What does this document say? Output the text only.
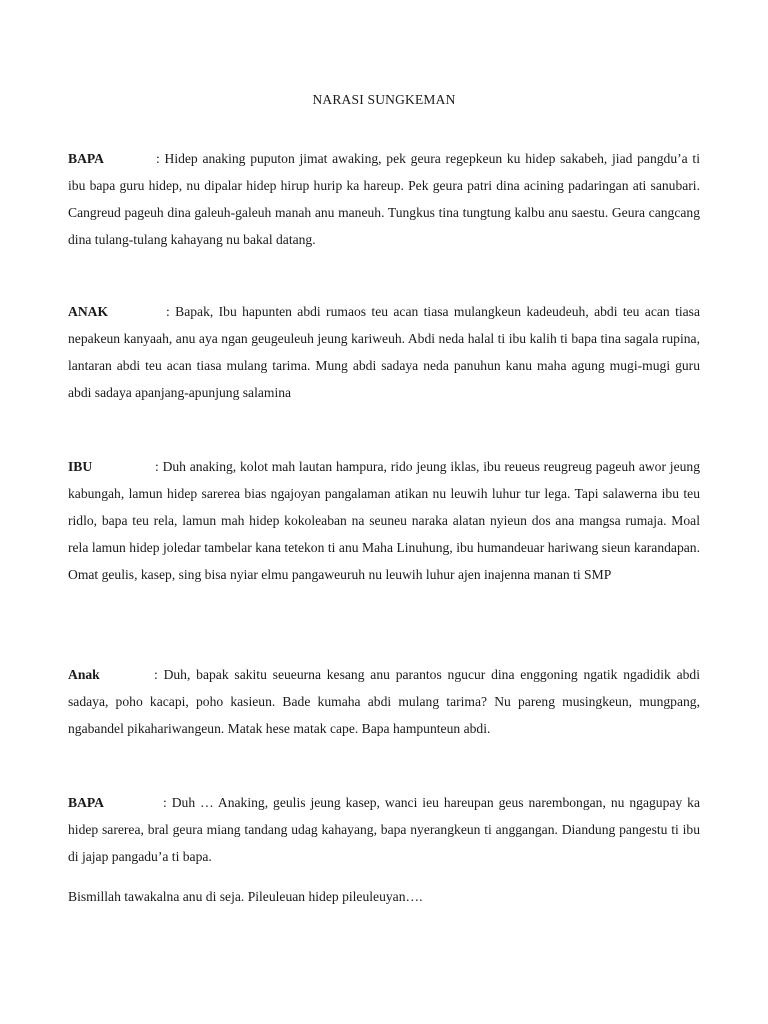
NARASI SUNGKEMAN

BAPA	: Hidep anaking puputon jimat awaking, pek geura regepkeun ku hidep sakabeh, jiad pangdu’a ti ibu bapa guru hidep, nu dipalar hidep hirup hurip ka hareup. Pek geura patri dina acining padaringan ati sanubari. Cangreud pageuh dina galeuh-galeuh manah anu maneuh. Tungkus tina tungtung kalbu anu saestu. Geura cangcang dina tulang-tulang kahayang nu bakal datang.

ANAK	: Bapak, Ibu hapunten abdi rumaos teu acan tiasa mulangkeun kadeudeuh, abdi teu acan tiasa nepakeun kanyaah, anu aya ngan geugeuleuh jeung kariweuh. Abdi neda halal ti ibu kalih ti bapa tina sagala rupina, lantaran abdi teu acan tiasa mulang tarima. Mung abdi sadaya neda panuhun kanu maha agung mugi-mugi guru abdi sadaya apanjang-apunjung salamina

IBU	: Duh anaking, kolot mah lautan hampura, rido jeung iklas, ibu reueus reugreug pageuh awor jeung kabungah, lamun hidep sarerea bias ngajoyan pangalaman atikan nu leuwih luhur tur lega. Tapi salawerna ibu teu ridlo, bapa teu rela, lamun mah hidep kokoleaban na seuneu naraka alatan nyieun dos ana mangsa rumaja. Moal rela lamun hidep joledar tambelar kana tetekon ti anu Maha Linuhung, ibu humandeuar hariwang sieun karandapan. Omat geulis, kasep, sing bisa nyiar elmu pangaweuruh nu leuwih luhur ajen inajenna manan ti SMP

Anak	: Duh, bapak sakitu seueurna kesang anu parantos ngucur dina enggoning ngatik ngadidik abdi sadaya, poho kacapi, poho kasieun. Bade kumaha abdi mulang tarima? Nu pareng musingkeun, mungpang, ngabandel pikahariwangeun. Matak hese matak cape. Bapa hampunteun abdi.

BAPA	: Duh … Anaking, geulis jeung kasep, wanci ieu hareupan geus narembongan, nu ngagupay ka hidep sarerea, bral geura miang tandang udag kahayang, bapa nyerangkeun ti anggangan. Diandung pangestu ti ibu di jajap pangadu’a ti bapa.

Bismillah tawakalna anu di seja. Pileuleuan hidep pileuleuyan….
